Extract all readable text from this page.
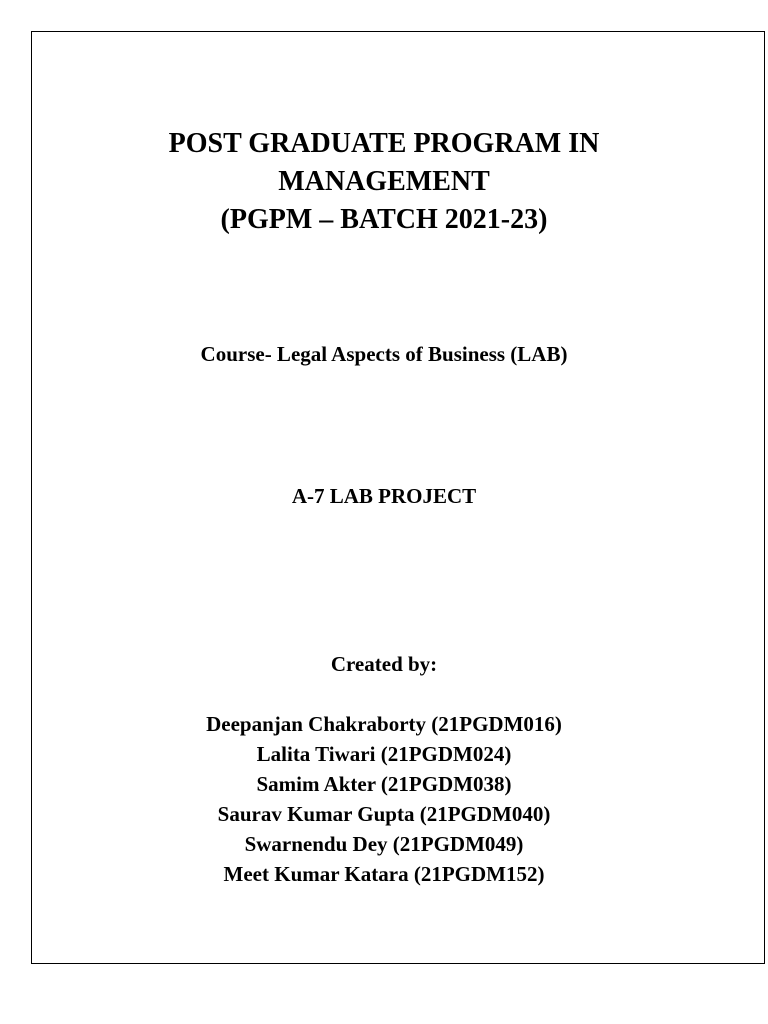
POST GRADUATE PROGRAM IN
MANAGEMENT
(PGPM – BATCH 2021-23)
Course- Legal Aspects of Business (LAB)
A-7 LAB PROJECT
Created by:
Deepanjan Chakraborty (21PGDM016)
Lalita Tiwari (21PGDM024)
Samim Akter (21PGDM038)
Saurav Kumar Gupta (21PGDM040)
Swarnendu Dey (21PGDM049)
Meet Kumar Katara (21PGDM152)
